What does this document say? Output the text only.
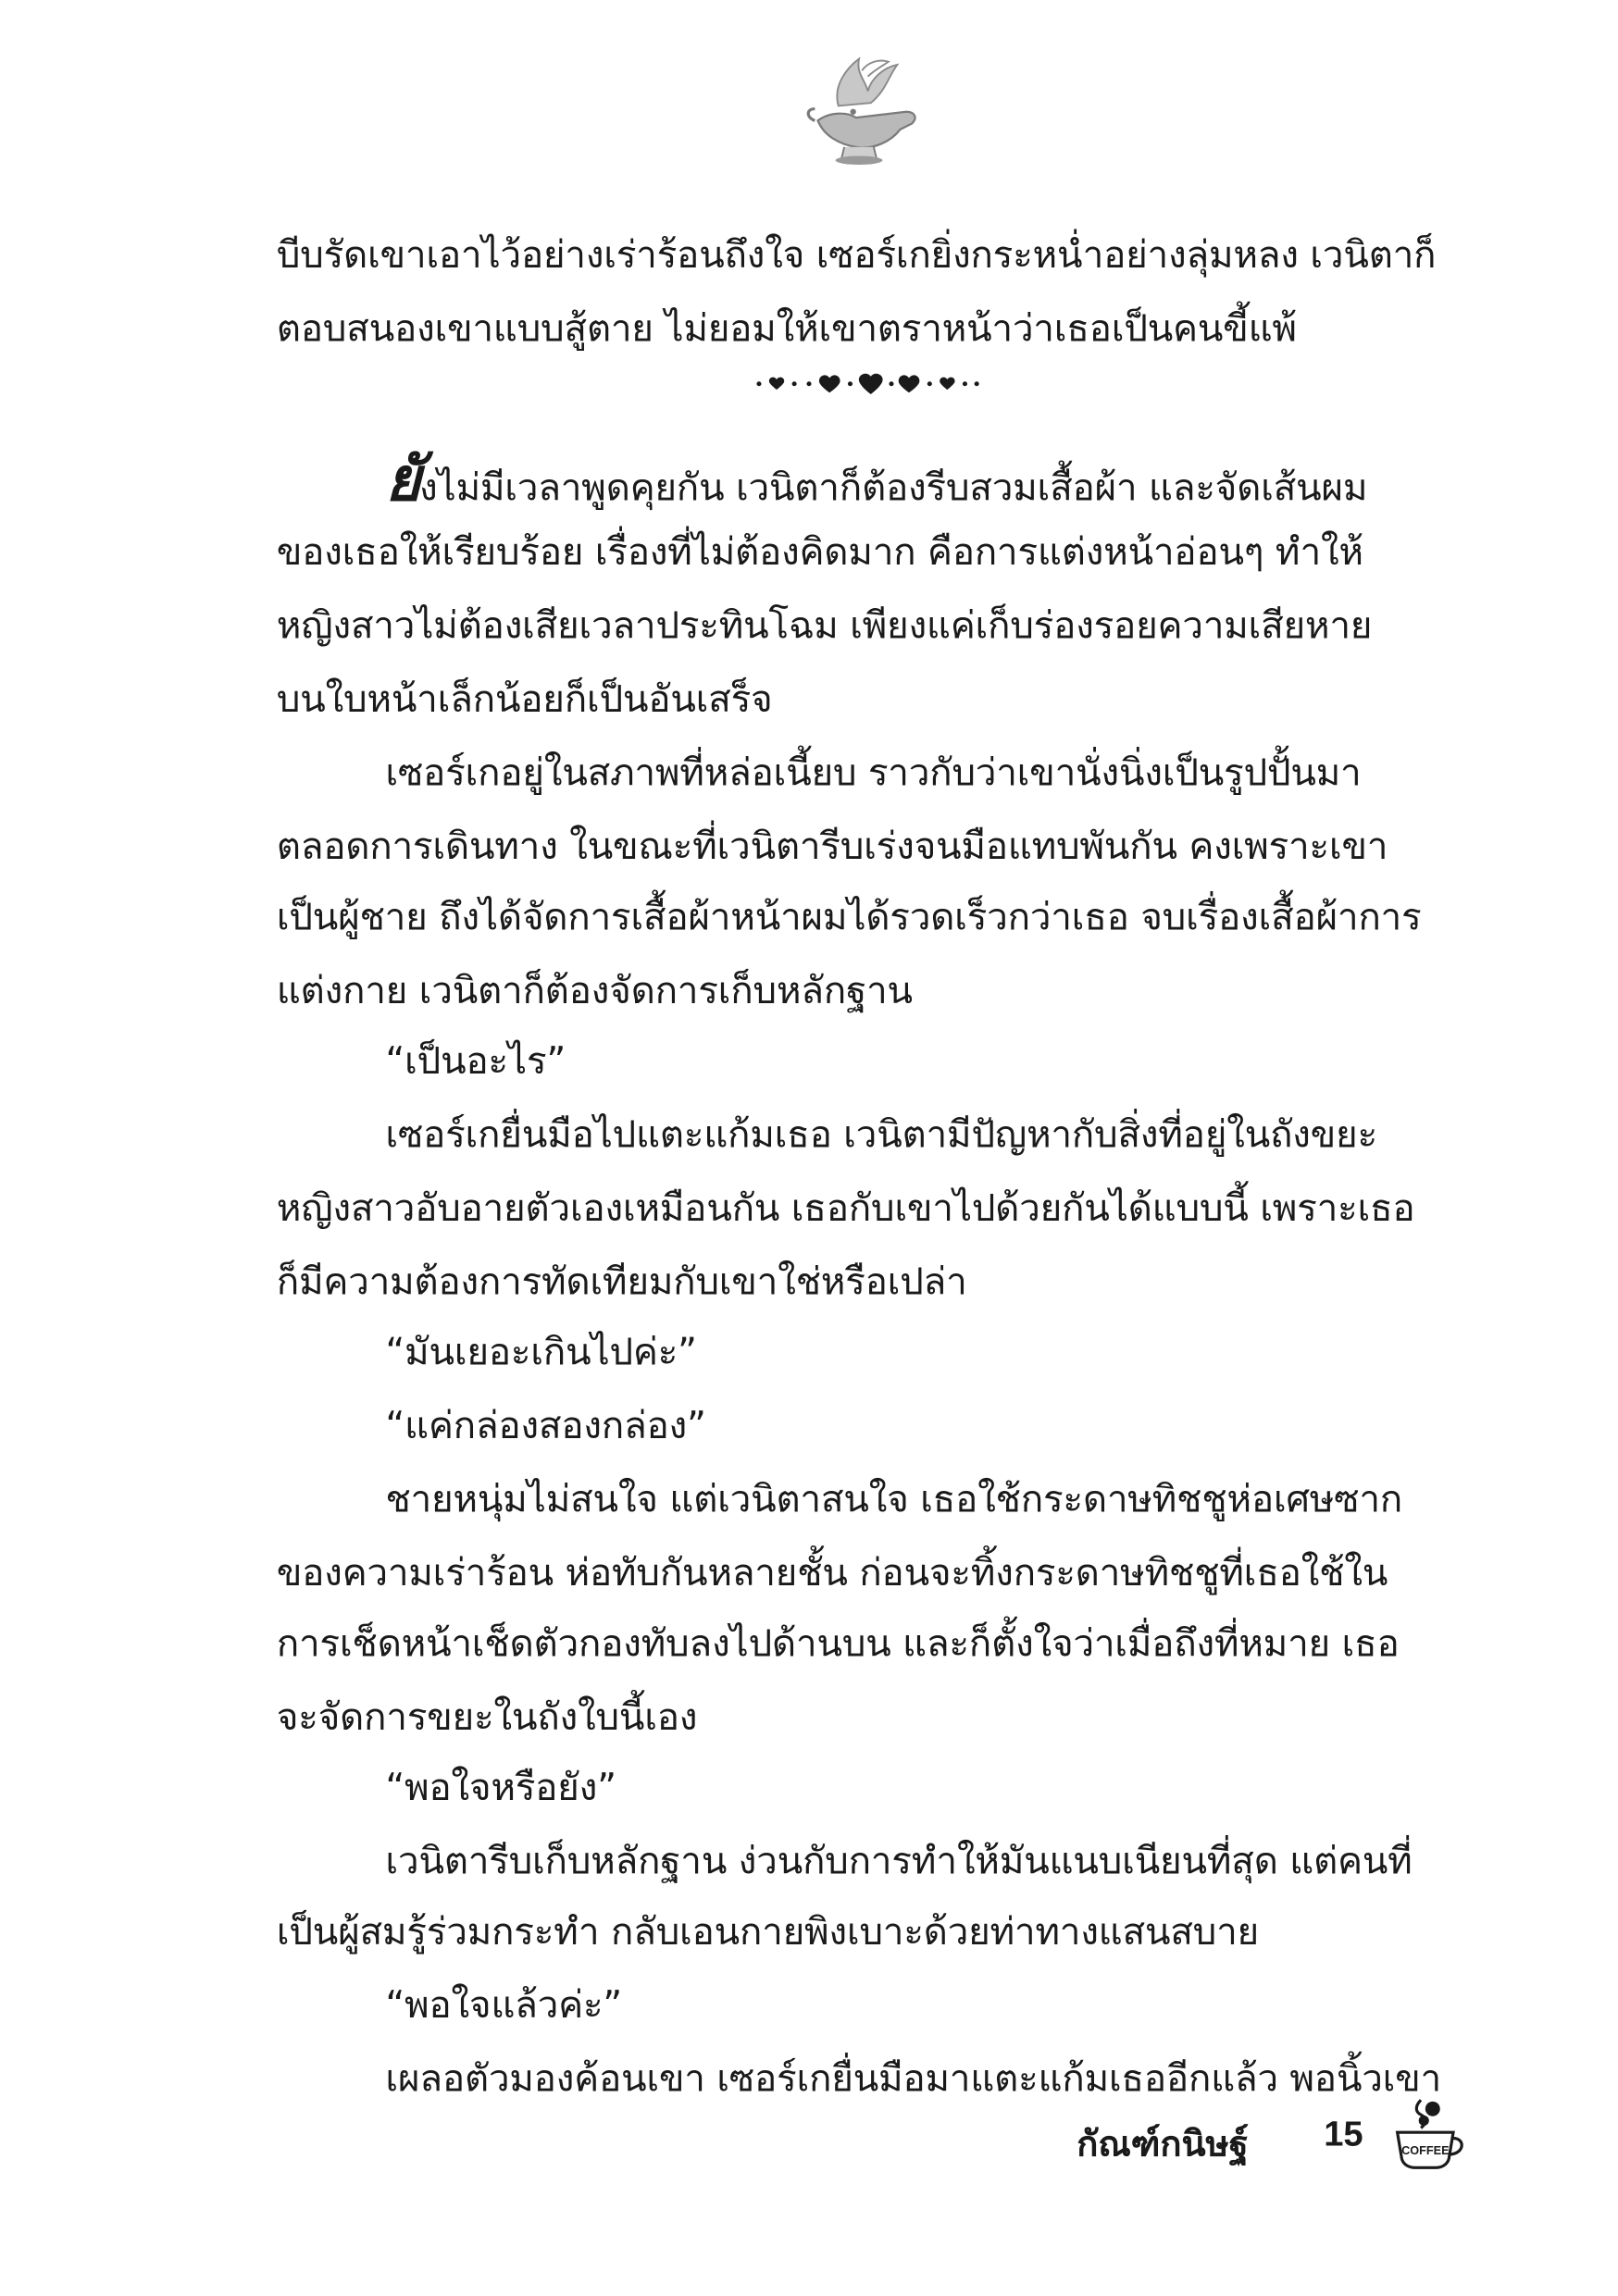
บีบรัดเขาเอาไว้อย่างเร่าร้อนถึงใจ เซอร์เกยิ่งกระหน่ำอย่างลุ่มหลง เวนิตาก็
ตอบสนองเขาแบบสู้ตาย ไม่ยอมให้เขาตราหน้าว่าเธอเป็นคนขี้แพ้
ยังไม่มีเวลาพูดคุยกัน เวนิตาก็ต้องรีบสวมเสื้อผ้า และจัดเส้นผม
ของเธอให้เรียบร้อย เรื่องที่ไม่ต้องคิดมาก คือการแต่งหน้าอ่อนๆ ทำให้
หญิงสาวไม่ต้องเสียเวลาประทินโฉม เพียงแค่เก็บร่องรอยความเสียหาย
บนใบหน้าเล็กน้อยก็เป็นอันเสร็จ
เซอร์เกอยู่ในสภาพที่หล่อเนี้ยบ ราวกับว่าเขานั่งนิ่งเป็นรูปปั้นมา
ตลอดการเดินทาง ในขณะที่เวนิตารีบเร่งจนมือแทบพันกัน คงเพราะเขา
เป็นผู้ชาย ถึงได้จัดการเสื้อผ้าหน้าผมได้รวดเร็วกว่าเธอ จบเรื่องเสื้อผ้าการ
แต่งกาย เวนิตาก็ต้องจัดการเก็บหลักฐาน
“เป็นอะไร”
เซอร์เกยื่นมือไปแตะแก้มเธอ เวนิตามีปัญหากับสิ่งที่อยู่ในถังขยะ
หญิงสาวอับอายตัวเองเหมือนกัน เธอกับเขาไปด้วยกันได้แบบนี้ เพราะเธอ
ก็มีความต้องการทัดเทียมกับเขาใช่หรือเปล่า
“มันเยอะเกินไปค่ะ”
“แค่กล่องสองกล่อง”
ชายหนุ่มไม่สนใจ แต่เวนิตาสนใจ เธอใช้กระดาษทิชชูห่อเศษซาก
ของความเร่าร้อน ห่อทับกันหลายชั้น ก่อนจะทิ้งกระดาษทิชชูที่เธอใช้ใน
การเช็ดหน้าเช็ดตัวกองทับลงไปด้านบน และก็ตั้งใจว่าเมื่อถึงที่หมาย เธอ
จะจัดการขยะในถังใบนี้เอง
“พอใจหรือยัง”
เวนิตารีบเก็บหลักฐาน ง่วนกับการทำให้มันแนบเนียนที่สุด แต่คนที่
เป็นผู้สมรู้ร่วมกระทำ กลับเอนกายพิงเบาะด้วยท่าทางแสนสบาย
“พอใจแล้วค่ะ”
เผลอตัวมองค้อนเขา เซอร์เกยื่นมือมาแตะแก้มเธออีกแล้ว พอนิ้วเขา
กัณฑ์กนิษฐ์	15	COFFEE
